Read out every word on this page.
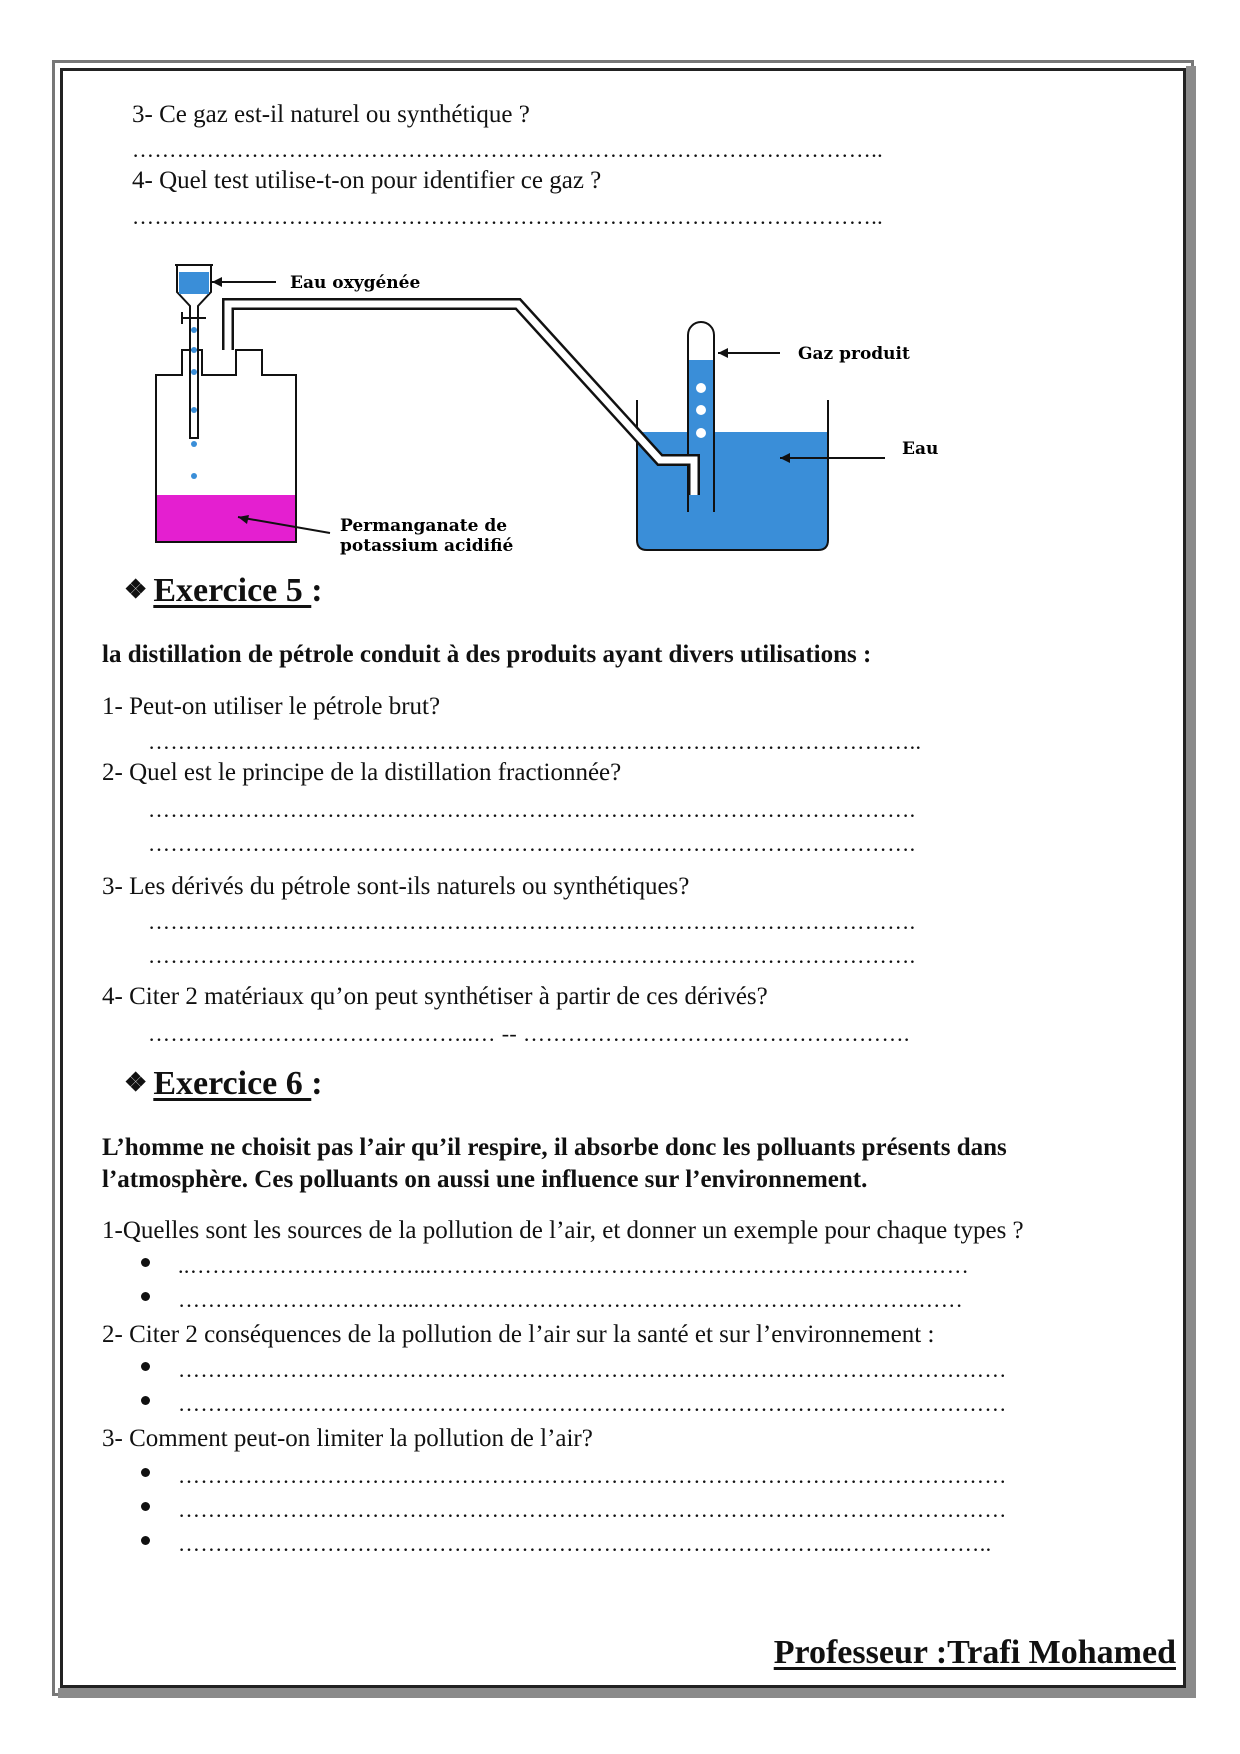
3- Ce gaz est-il naturel ou synthétique ?
………………………………………………………………………………………..
4- Quel test utilise-t-on pour identifier ce gaz ?
………………………………………………………………………………………..
Eau oxygénée
Gaz produit
Eau
Permanganate de
potassium acidifié
❖ Exercice 5 :
la distillation de pétrole conduit à des produits ayant divers utilisations :
1- Peut-on utiliser le pétrole brut?
…………………………………………………………………………………………..
2- Quel est le principe de la distillation fractionnée?
………………………………………………………………………………………….
………………………………………………………………………………………….
3- Les dérivés du pétrole sont-ils naturels ou synthétiques?
………………………………………………………………………………………….
………………………………………………………………………………………….
4- Citer 2 matériaux qu’on peut synthétiser à partir de ces dérivés?
……………………………………..… -- …………………………………………….
❖ Exercice 6 :
L’homme ne choisit pas l’air qu’il respire, il absorbe donc les polluants présents dans
l’atmosphère. Ces polluants on aussi une influence sur l’environnement.
1-Quelles sont les sources de la pollution de l’air, et donner un exemple pour chaque types ?
..…………………………...………………………………………………………………
…………………………...………………………………………………………….……
2- Citer 2 conséquences de la pollution de l’air sur la santé et sur l’environnement :
…………………………………………………………………………………………………
…………………………………………………………………………………………………
3- Comment peut-on limiter la pollution de l’air?
…………………………………………………………………………………………………
…………………………………………………………………………………………………
……………………………………………………………………………...………………..
Professeur :Trafi Mohamed
